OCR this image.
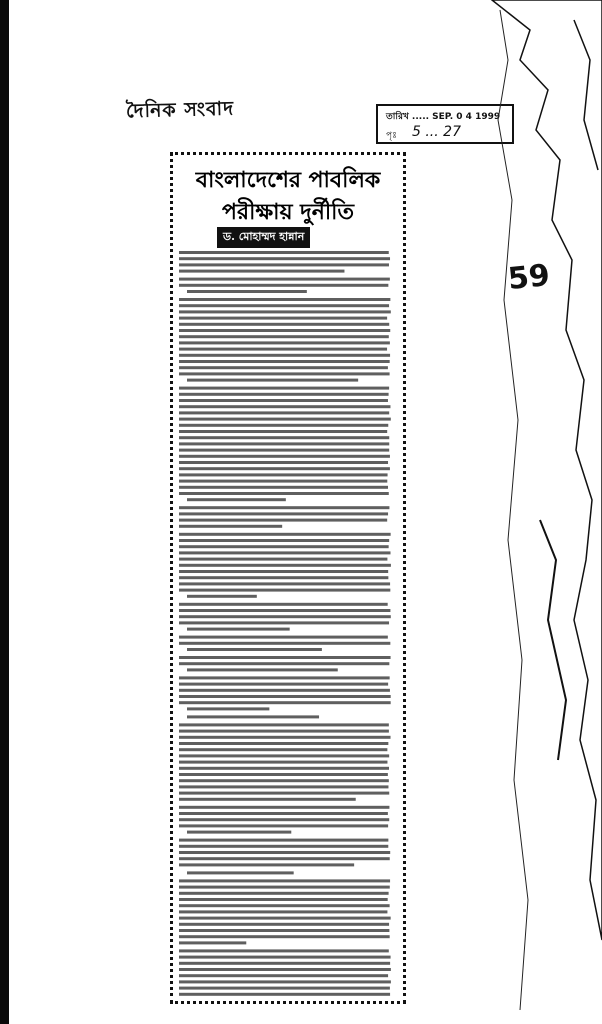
দৈনিক সংবাদ	তারিখ ..... SEP. 0 4 1999
পৃঃ 5 ... 27
বাংলাদেশের পাবলিক
পরীক্ষায় দুর্নীতি
ড. মোহাম্মদ হান্নান
59
